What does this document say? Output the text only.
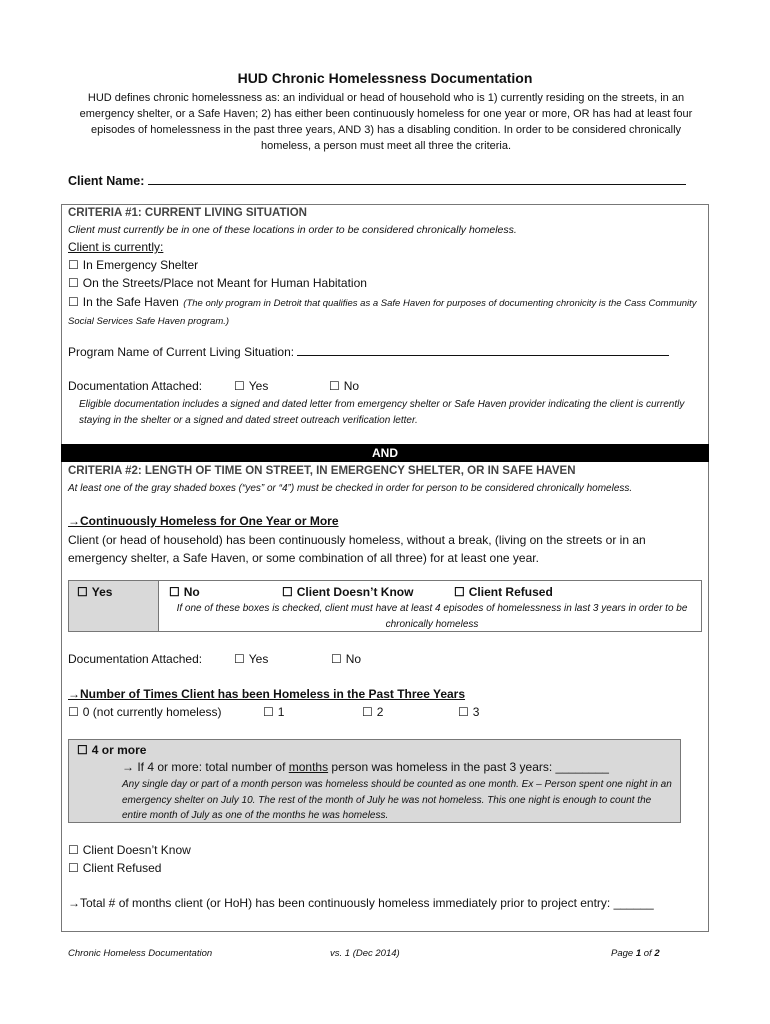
HUD Chronic Homelessness Documentation
HUD defines chronic homelessness as: an individual or head of household who is 1) currently residing on the streets, in an emergency shelter, or a Safe Haven; 2) has either been continuously homeless for one year or more, OR has had at least four episodes of homelessness in the past three years, AND 3) has a disabling condition. In order to be considered chronically homeless, a person must meet all three the criteria.
Client Name:
CRITERIA #1: CURRENT LIVING SITUATION
Client must currently be in one of these locations in order to be considered chronically homeless.
Client is currently:
☐ In Emergency Shelter
☐ On the Streets/Place not Meant for Human Habitation
☐ In the Safe Haven (The only program in Detroit that qualifies as a Safe Haven for purposes of documenting chronicity is the Cass Community Social Services Safe Haven program.)
Program Name of Current Living Situation:
Documentation Attached:	☐ Yes	☐ No
Eligible documentation includes a signed and dated letter from emergency shelter or Safe Haven provider indicating the client is currently staying in the shelter or a signed and dated street outreach verification letter.
AND
CRITERIA #2: LENGTH OF TIME ON STREET, IN EMERGENCY SHELTER, OR IN SAFE HAVEN
At least one of the gray shaded boxes (“yes” or “4”) must be checked in order for person to be considered chronically homeless.
→Continuously Homeless for One Year or More
Client (or head of household) has been continuously homeless, without a break, (living on the streets or in an emergency shelter, a Safe Haven, or some combination of all three) for at least one year.
☐ Yes	☐ No	☐ Client Doesn’t Know	☐ Client Refused
If one of these boxes is checked, client must have at least 4 episodes of homelessness in last 3 years in order to be chronically homeless
Documentation Attached:	☐ Yes	☐ No
→Number of Times Client has been Homeless in the Past Three Years
☐ 0 (not currently homeless)	☐ 1	☐ 2	☐ 3
☐ 4 or more
→ If 4 or more: total number of months person was homeless in the past 3 years: ________
Any single day or part of a month person was homeless should be counted as one month. Ex – Person spent one night in an emergency shelter on July 10. The rest of the month of July he was not homeless. This one night is enough to count the entire month of July as one of the months he was homeless.
☐ Client Doesn’t Know
☐ Client Refused
→Total # of months client (or HoH) has been continuously homeless immediately prior to project entry: ______
Chronic Homeless Documentation	vs. 1 (Dec 2014)	Page 1 of 2
